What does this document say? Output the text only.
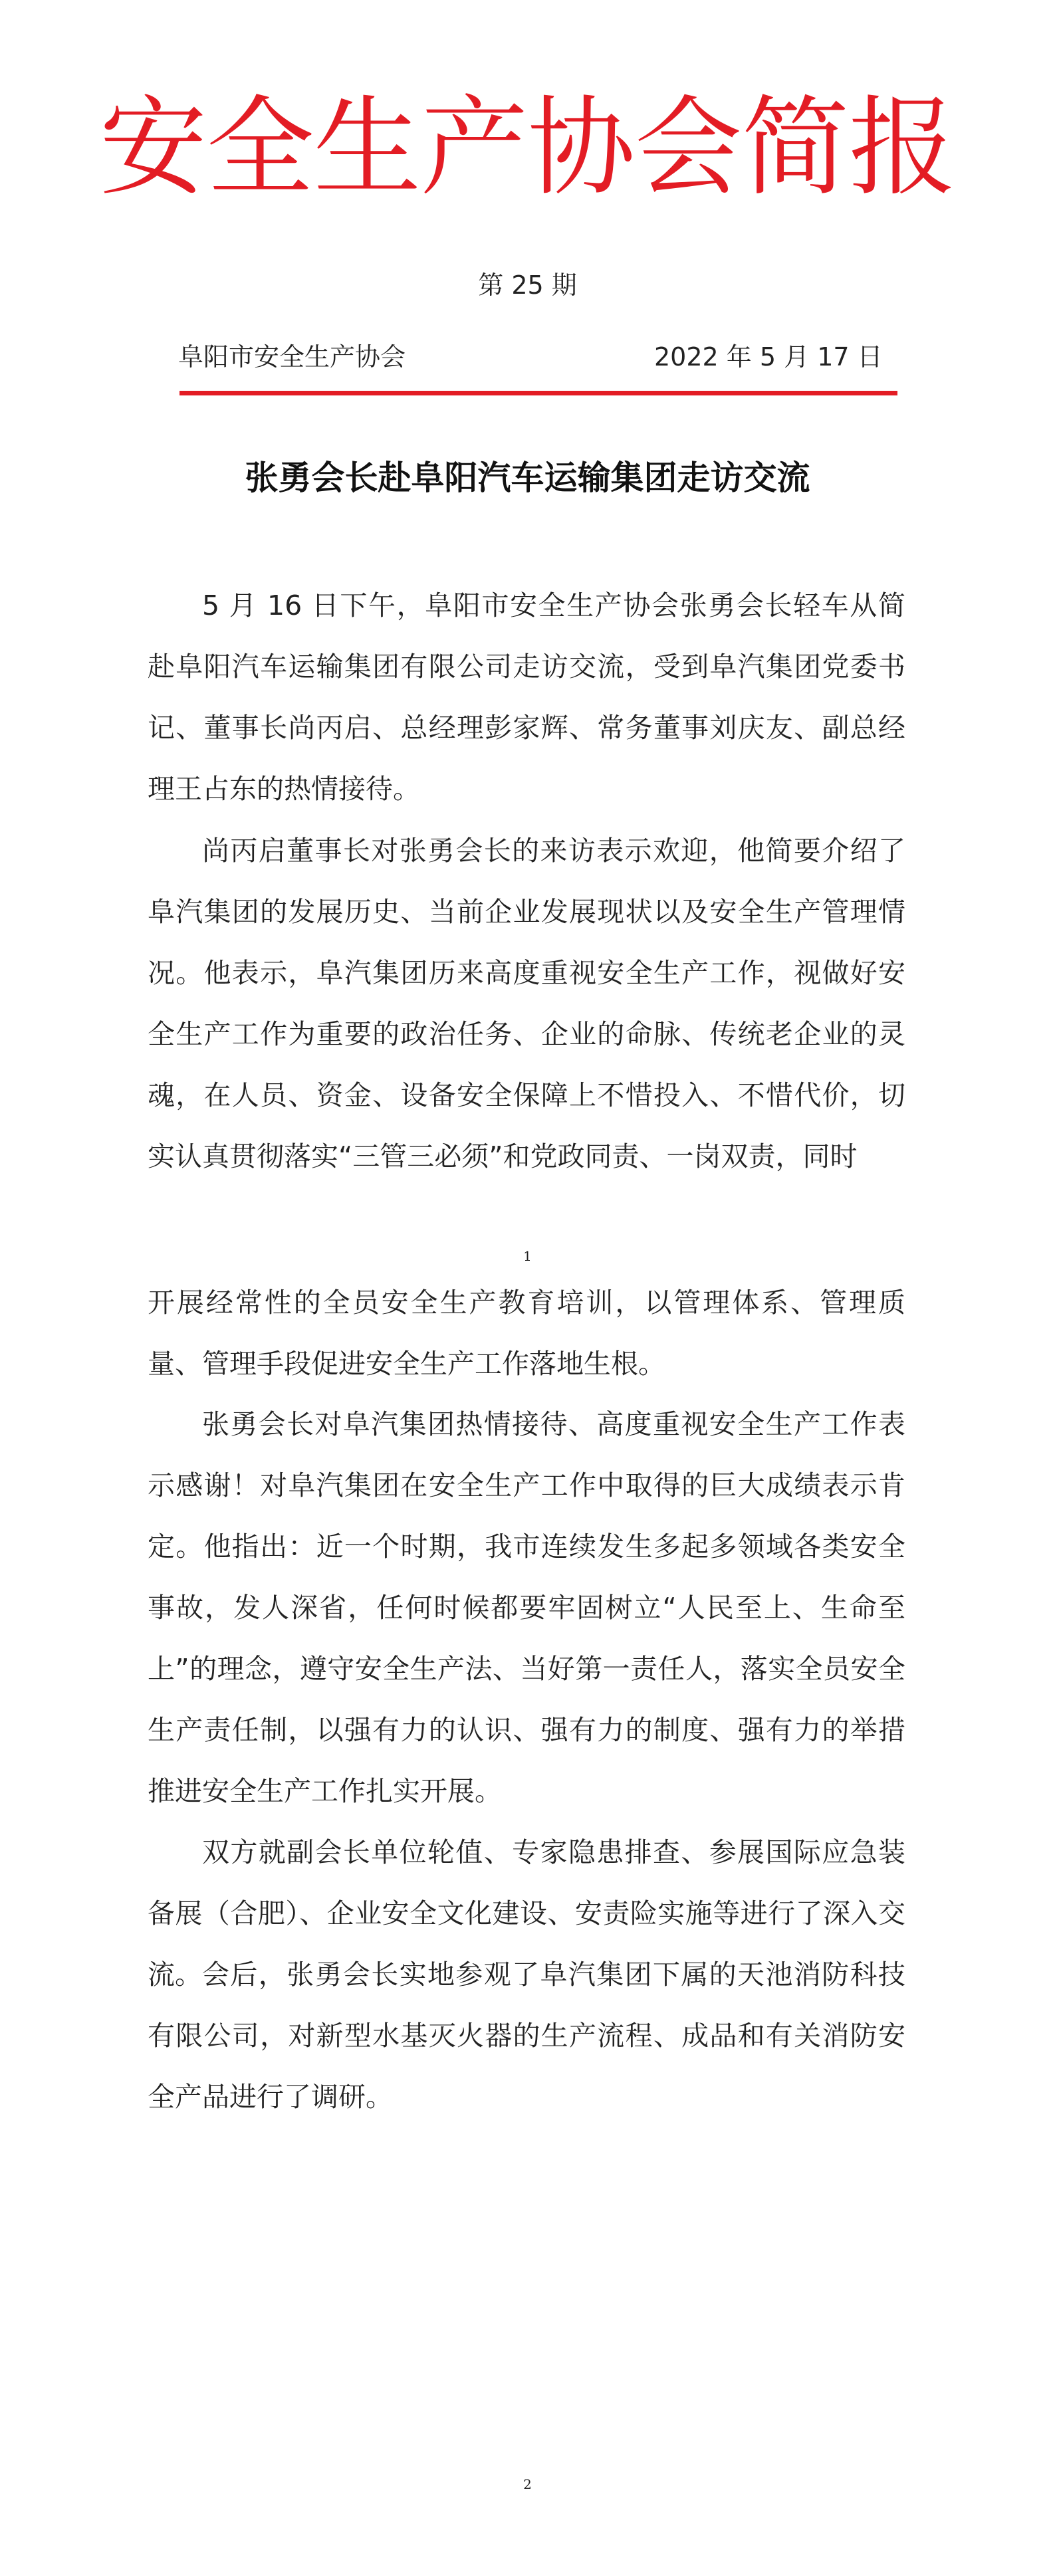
安全生产协会简报
第 25 期
阜阳市安全生产协会	2022 年 5 月 17 日
张勇会长赴阜阳汽车运输集团走访交流

5 月 16 日下午，阜阳市安全生产协会张勇会长轻车从简赴阜阳汽车运输集团有限公司走访交流，受到阜汽集团党委书记、董事长尚丙启、总经理彭家辉、常务董事刘庆友、副总经理王占东的热情接待。

尚丙启董事长对张勇会长的来访表示欢迎，他简要介绍了阜汽集团的发展历史、当前企业发展现状以及安全生产管理情况。他表示，阜汽集团历来高度重视安全生产工作，视做好安全生产工作为重要的政治任务、企业的命脉、传统老企业的灵魂，在人员、资金、设备安全保障上不惜投入、不惜代价，切实认真贯彻落实“三管三必须”和党政同责、一岗双责，同时

1

开展经常性的全员安全生产教育培训，以管理体系、管理质量、管理手段促进安全生产工作落地生根。

张勇会长对阜汽集团热情接待、高度重视安全生产工作表示感谢！对阜汽集团在安全生产工作中取得的巨大成绩表示肯定。他指出：近一个时期，我市连续发生多起多领域各类安全事故，发人深省，任何时候都要牢固树立“人民至上、生命至上”的理念，遵守安全生产法、当好第一责任人，落实全员安全生产责任制，以强有力的认识、强有力的制度、强有力的举措推进安全生产工作扎实开展。

双方就副会长单位轮值、专家隐患排查、参展国际应急装备展（合肥）、企业安全文化建设、安责险实施等进行了深入交流。 会后，张勇会长实地参观了阜汽集团下属的天池消防科技有限公司，对新型水基灭火器的生产流程、成品和有关消防安全产品进行了调研。

2
